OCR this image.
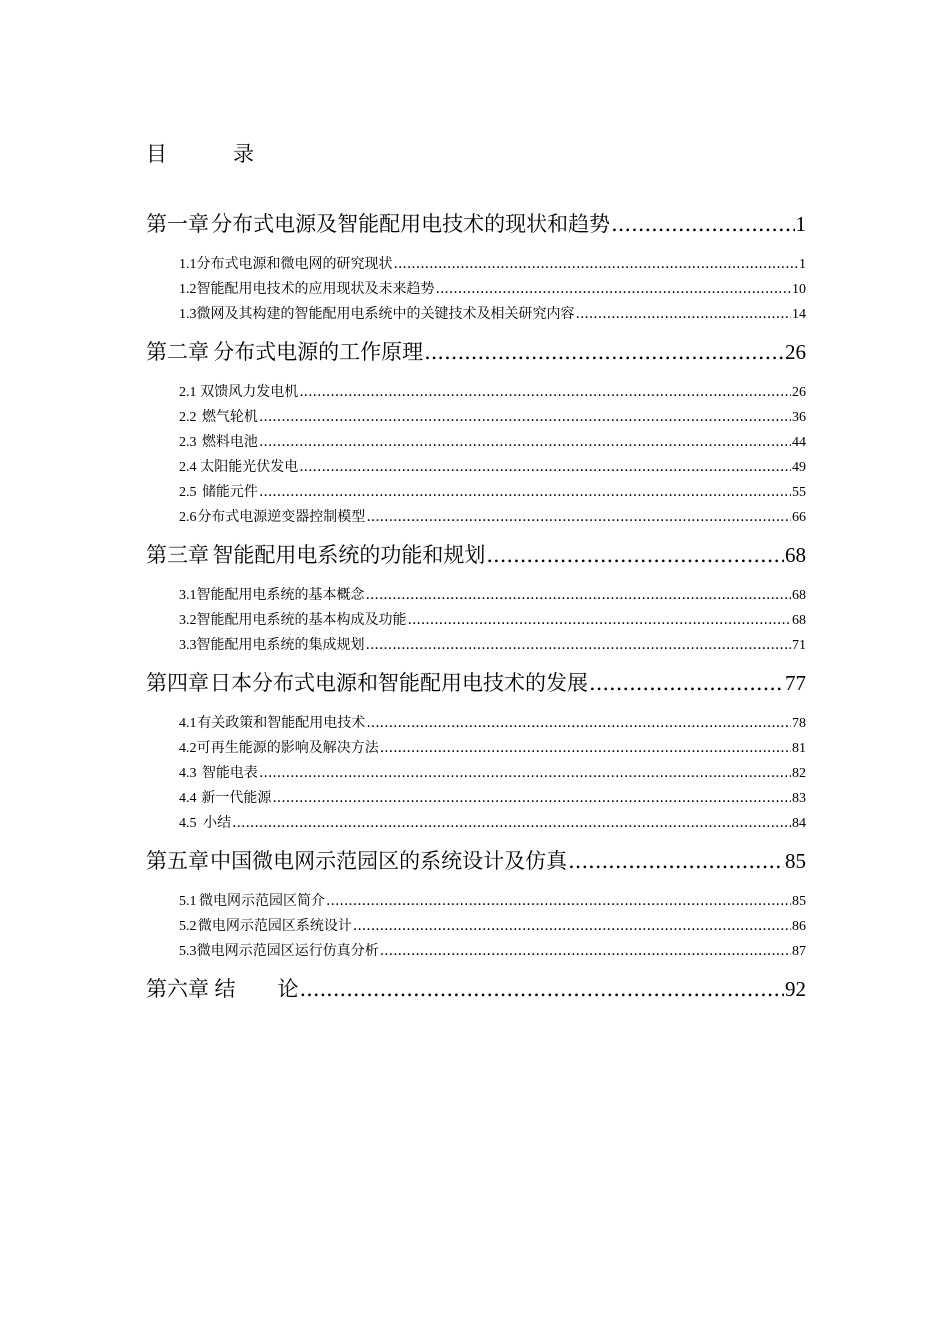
目	录
第一章 分布式电源及智能配用电技术的现状和趋势 .....	1
1.1 分布式电源和微电网的研究现状 .....	1
1.2 智能配用电技术的应用现状及未来趋势 .....	10
1.3 微网及其构建的智能配用电系统中的关键技术及相关研究内容 .....	14
第二章 分布式电源的工作原理 .....	26
2.1 双馈风力发电机 .....	26
2.2 燃气轮机 .....	36
2.3 燃料电池 .....	44
2.4 太阳能光伏发电 .....	49
2.5 储能元件 .....	55
2.6 分布式电源逆变器控制模型 .....	66
第三章 智能配用电系统的功能和规划 .....	68
3.1 智能配用电系统的基本概念 .....	68
3.2 智能配用电系统的基本构成及功能 .....	68
3.3 智能配用电系统的集成规划 .....	71
第四章 日本分布式电源和智能配用电技术的发展 .....	77
4.1 有关政策和智能配用电技术 .....	78
4.2 可再生能源的影响及解决方法 .....	81
4.3 智能电表 .....	82
4.4 新一代能源 .....	83
4.5 小结 .....	84
第五章 中国微电网示范园区的系统设计及仿真 .....	85
5.1 微电网示范园区简介 .....	85
5.2 微电网示范园区系统设计 .....	86
5.3 微电网示范园区运行仿真分析 .....	87
第六章 结　　论 .....	92
